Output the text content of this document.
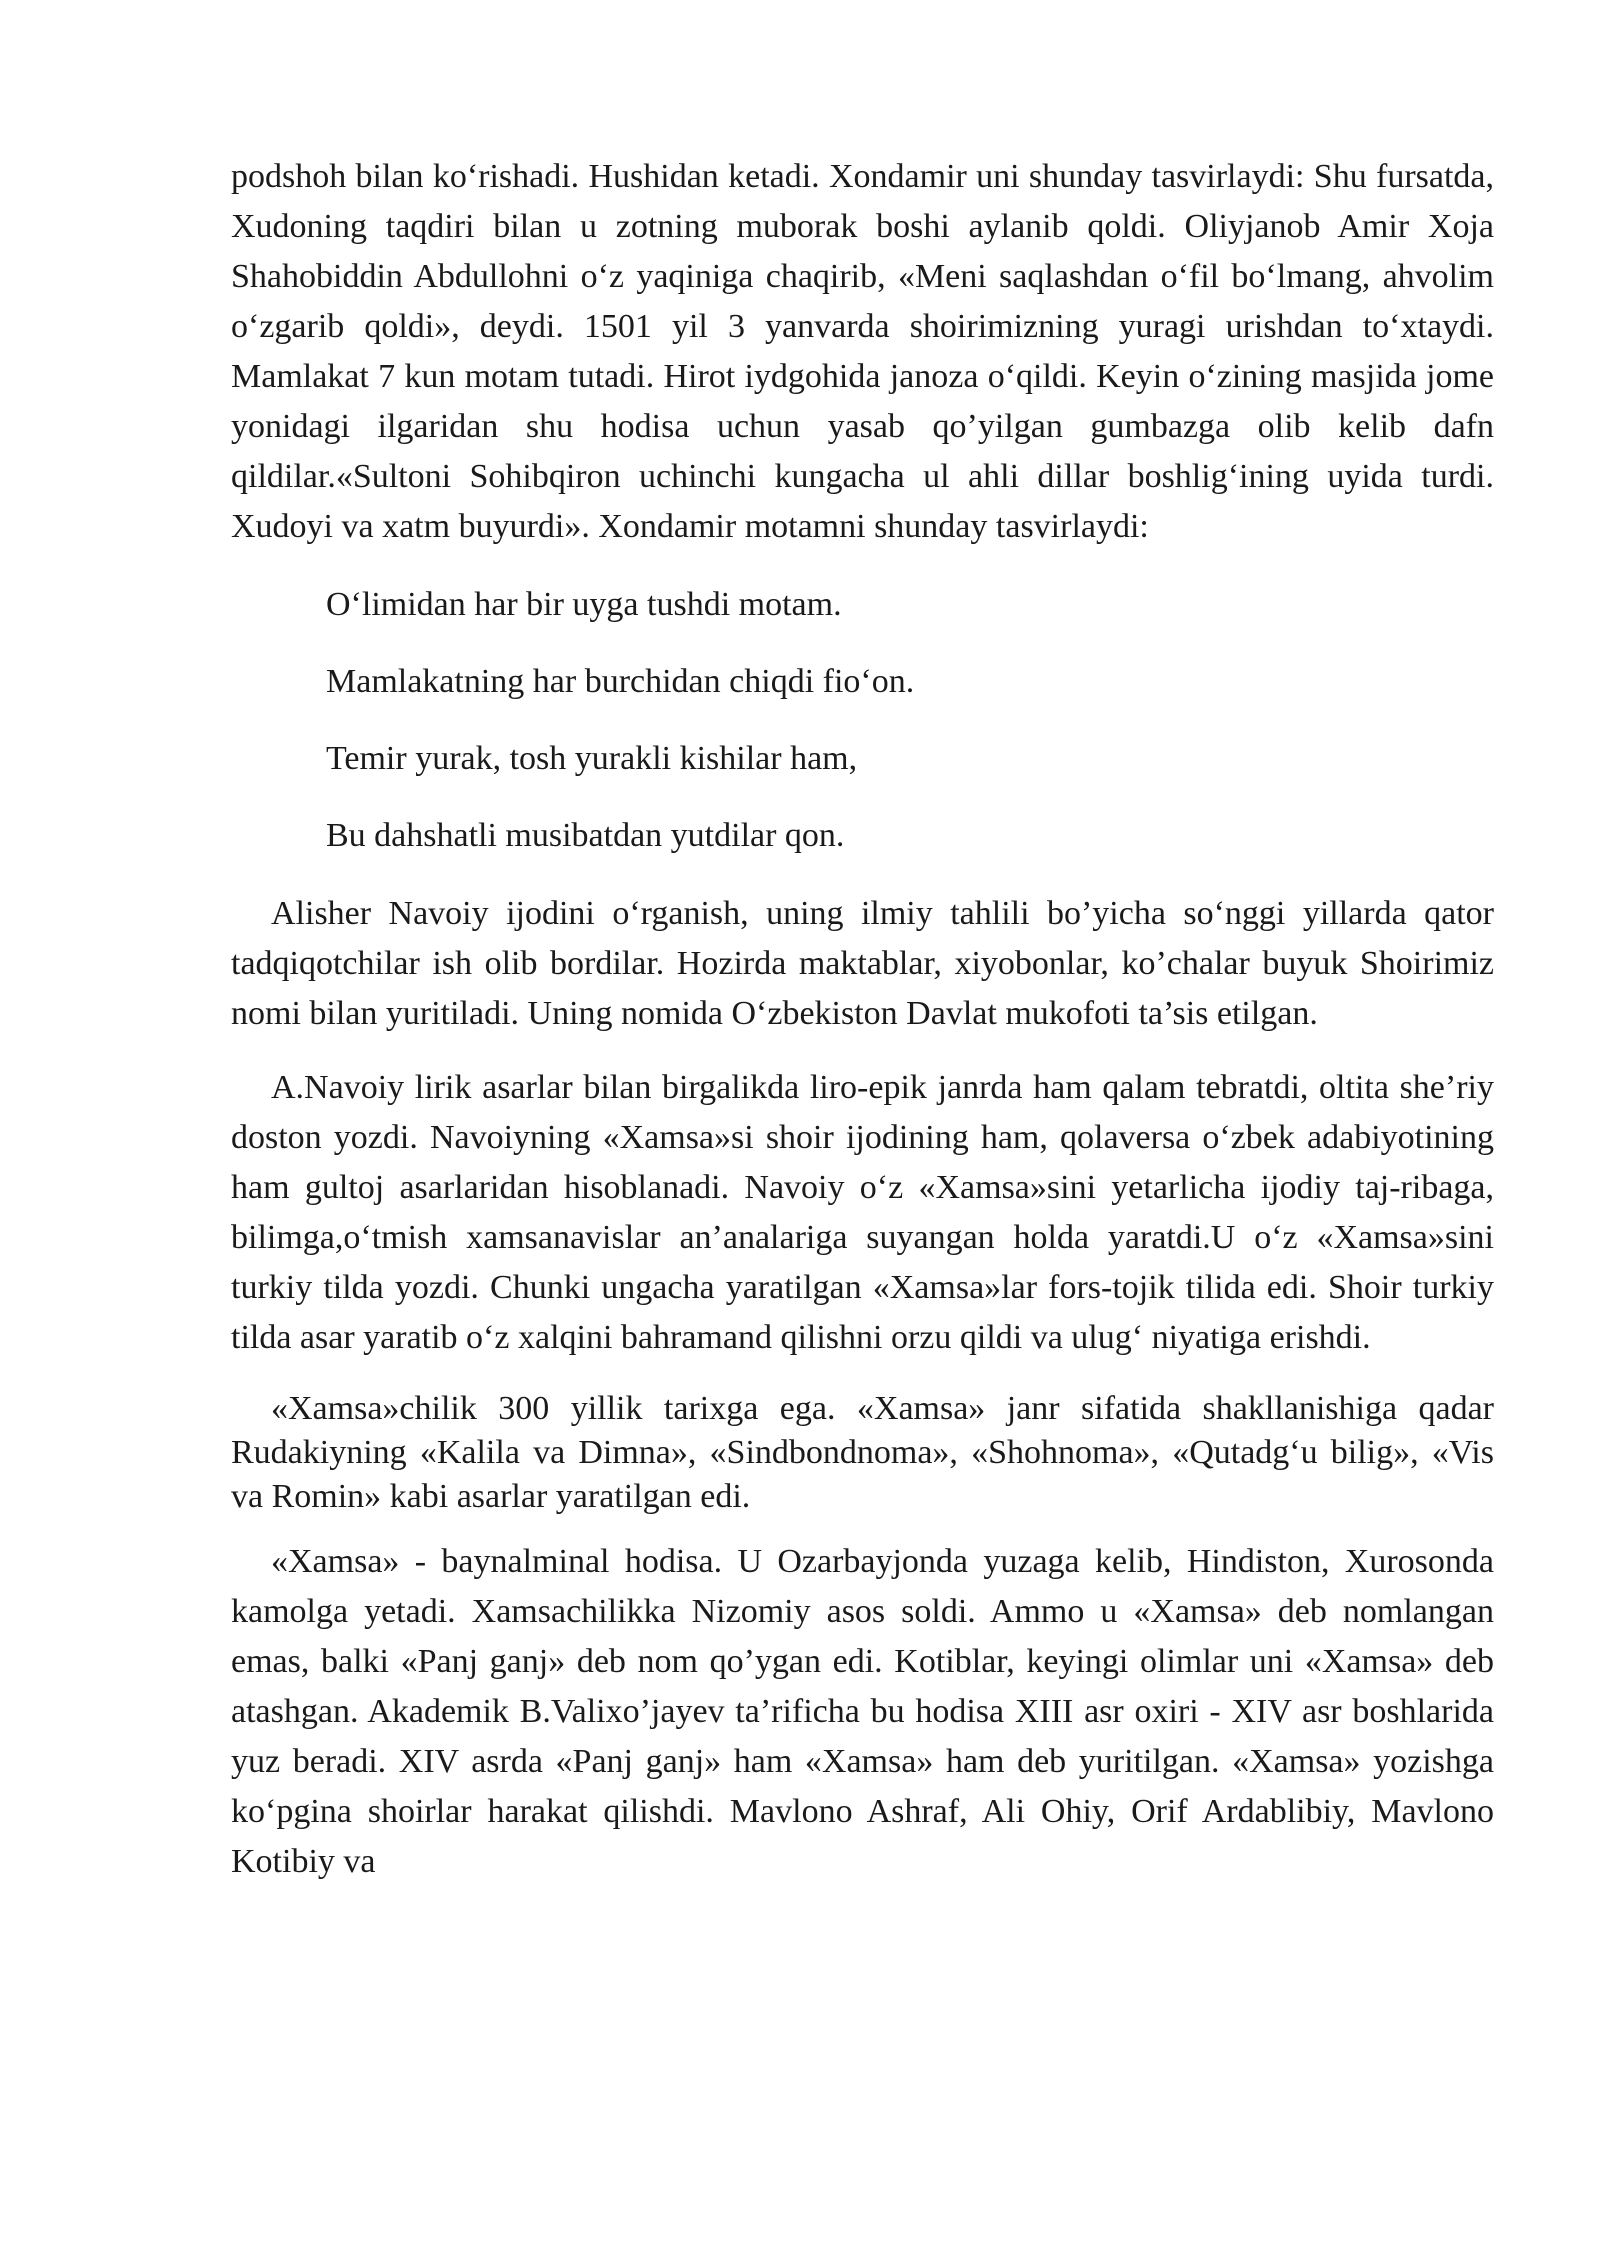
podshoh bilan ko‘rishadi. Hushidan ketadi. Xondamir uni shunday tasvirlaydi: Shu fursatda, Xudoning taqdiri bilan u zotning muborak boshi aylanib qoldi. Oliyjanob Amir Xoja Shahobiddin Abdullohni o‘z yaqiniga chaqirib, «Meni saqlashdan o‘fil bo‘lmang, ahvolim o‘zgarib qoldi», deydi. 1501 yil 3 yanvarda shoirimizning yuragi urishdan to‘xtaydi. Mamlakat 7 kun motam tutadi. Hirot iydgohida janoza o‘qildi. Keyin o‘zining masjida jome yonidagi ilgaridan shu hodisa uchun yasab qo’yilgan gumbazga olib kelib dafn qildilar.«Sultoni Sohibqiron uchinchi kungacha ul ahli dillar boshlig‘ining uyida turdi. Xudoyi va xatm buyurdi». Xondamir motamni shunday tasvirlaydi:

O‘limidan har bir uyga tushdi motam.

Mamlakatning har burchidan chiqdi fio‘on.

Temir yurak, tosh yurakli kishilar ham,

Bu dahshatli musibatdan yutdilar qon.

Alisher Navoiy ijodini o‘rganish, uning ilmiy tahlili bo’yicha so‘nggi yillarda qator tadqiqotchilar ish olib bordilar. Hozirda maktablar, xiyobonlar, ko’chalar buyuk Shoirimiz nomi bilan yuritiladi. Uning nomida O‘zbekiston Davlat mukofoti ta’sis etilgan.

A.Navoiy lirik asarlar bilan birgalikda liro-epik janrda ham qalam tebratdi, oltita she’riy doston yozdi. Navoiyning «Xamsa»si shoir ijodining ham, qolaversa o‘zbek adabiyotining ham gultoj asarlaridan hisoblanadi. Navoiy o‘z «Xamsa»sini yetarlicha ijodiy taj-ribaga, bilimga,o‘tmish xamsanavislar an’analariga suyangan holda yaratdi.U o‘z «Xamsa»sini turkiy tilda yozdi. Chunki ungacha yaratilgan «Xamsa»lar fors-tojik tilida edi. Shoir turkiy tilda asar yaratib o‘z xalqini bahramand qilishni orzu qildi va ulug‘ niyatiga erishdi.

«Xamsa»chilik 300 yillik tarixga ega. «Xamsa» janr sifatida shakllanishiga qadar Rudakiyning «Kalila va Dimna», «Sindbondnoma», «Shohnoma», «Qutadg‘u bilig», «Vis va Romin» kabi asarlar yaratilgan edi.

«Xamsa» - baynalminal hodisa. U Ozarbayjonda yuzaga kelib, Hindiston, Xurosonda kamolga yetadi. Xamsachilikka Nizomiy asos soldi. Ammo u «Xamsa» deb nomlangan emas, balki «Panj ganj» deb nom qo’ygan edi. Kotiblar, keyingi olimlar uni «Xamsa» deb atashgan. Akademik B.Valixo’jayev ta’rificha bu hodisa XIII asr oxiri - XIV asr boshlarida yuz beradi. XIV asrda «Panj ganj» ham «Xamsa» ham deb yuritilgan. «Xamsa» yozishga ko‘pgina shoirlar harakat qilishdi. Mavlono Ashraf, Ali Ohiy, Orif Ardablibiy, Mavlono Kotibiy va
